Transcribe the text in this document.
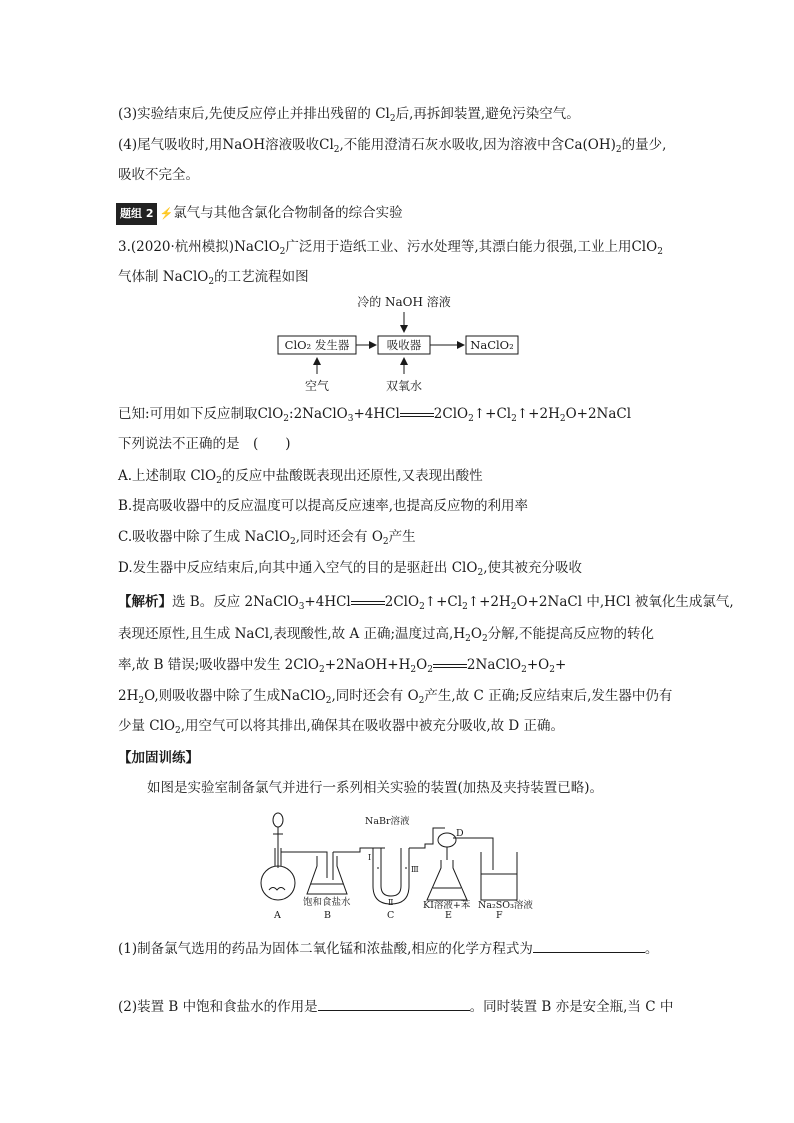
(3)实验结束后,先使反应停止并排出残留的 $Cl_2$后,再拆卸装置,避免污染空气。
(4)尾气吸收时,用NaOH溶液吸收$Cl_2$,不能用澄清石灰水吸收,因为溶液中含$Ca(OH)_2$的量少,
吸收不完全。
题组 2 ⚡氯气与其他含氯化合物制备的综合实验
3.(2020·杭州模拟)NaClO$_2$广泛用于造纸工业、污水处理等,其漂白能力很强,工业上用ClO$_2$
气体制 NaClO$_2$的工艺流程如图
冷的 NaOH 溶液
ClO₂ 发生器	吸收器	NaClO₂
空气	双氧水
已知:可用如下反应制取ClO$_2$:2NaClO$_3$+4HCl	$2ClO_2↑+Cl_2↑+2H_2O+2NaCl$
下列说法不正确的是　(　　)
A.上述制取 ClO$_2$的反应中盐酸既表现出还原性,又表现出酸性
B.提高吸收器中的反应温度可以提高反应速率,也提高反应物的利用率
C.吸收器中除了生成 NaClO$_2$,同时还会有 $O_2$产生
D.发生器中反应结束后,向其中通入空气的目的是驱赶出 ClO$_2$,使其被充分吸收
【解析】选 B。反应 2NaClO$_3$+4HCl	$2ClO_2↑+Cl_2↑+2H_2O+2NaCl$ 中,HCl 被氧化生成氯气,
表现还原性,且生成 NaCl,表现酸性,故 A 正确;温度过高$,H_2O_2$分解,不能提高反应物的转化
率,故 B 错误;吸收器中发生 $2ClO_2+2NaOH+H_2O_2$	$2NaClO_2+O_2+$
$2H_2O$,则吸收器中除了生成NaClO$_2$,同时还会有 $O_2$产生,故 C 正确;反应结束后,发生器中仍有
少量 ClO$_2$,用空气可以将其排出,确保其在吸收器中被充分吸收,故 D 正确。
【加固训练】
如图是实验室制备氯气并进行一系列相关实验的装置(加热及夹持装置已略)。
NaBr溶液
D
Ⅰ
Ⅲ
Ⅱ
饱和食盐水	KI溶液+苯 Na₂SO₃溶液
A	B	C	E	F
(1)制备氯气选用的药品为固体二氧化锰和浓盐酸,相应的化学方程式为	。
(2)装置 B 中饱和食盐水的作用是	。同时装置 B 亦是安全瓶,当 C 中
